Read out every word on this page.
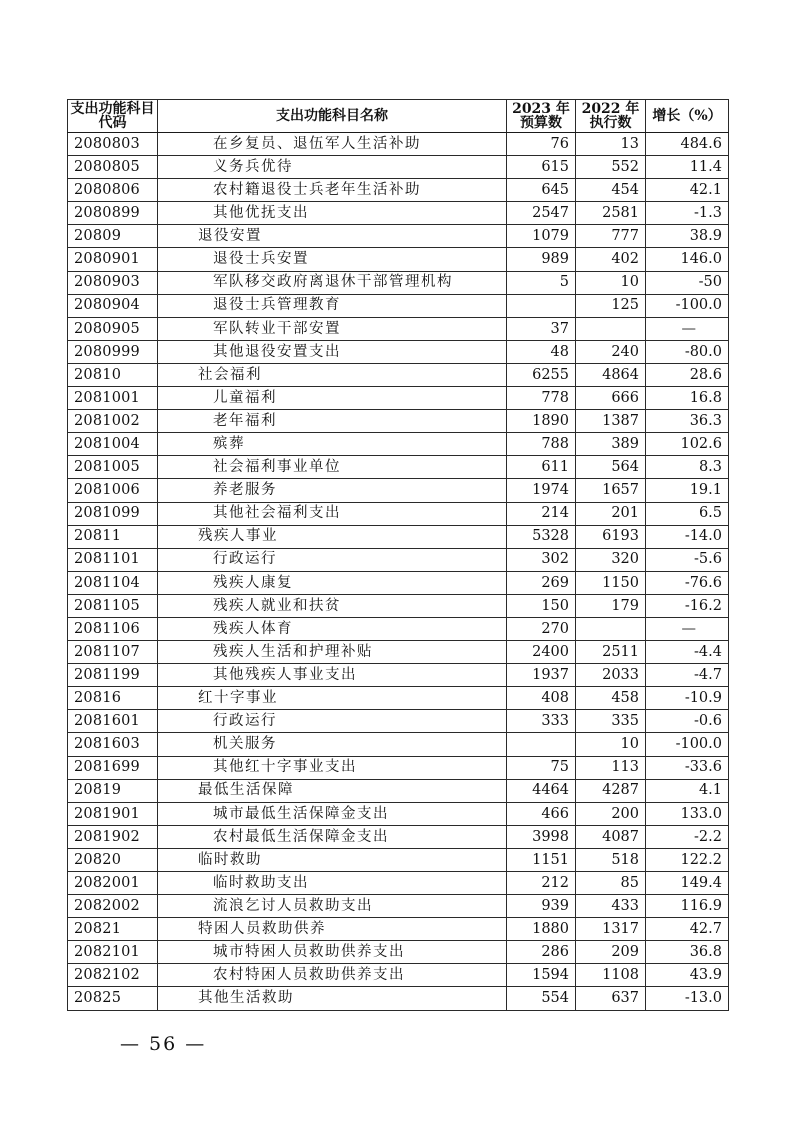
支出功能科目代码	支出功能科目名称	2023 年预算数	2022 年执行数	增长（%）
2080803	在乡复员、退伍军人生活补助	76	13	484.6
2080805	义务兵优待	615	552	11.4
2080806	农村籍退役士兵老年生活补助	645	454	42.1
2080899	其他优抚支出	2547	2581	-1.3
20809	退役安置	1079	777	38.9
2080901	退役士兵安置	989	402	146.0
2080903	军队移交政府离退休干部管理机构	5	10	-50
2080904	退役士兵管理教育		125	-100.0
2080905	军队转业干部安置	37		—
2080999	其他退役安置支出	48	240	-80.0
20810	社会福利	6255	4864	28.6
2081001	儿童福利	778	666	16.8
2081002	老年福利	1890	1387	36.3
2081004	殡葬	788	389	102.6
2081005	社会福利事业单位	611	564	8.3
2081006	养老服务	1974	1657	19.1
2081099	其他社会福利支出	214	201	6.5
20811	残疾人事业	5328	6193	-14.0
2081101	行政运行	302	320	-5.6
2081104	残疾人康复	269	1150	-76.6
2081105	残疾人就业和扶贫	150	179	-16.2
2081106	残疾人体育	270		—
2081107	残疾人生活和护理补贴	2400	2511	-4.4
2081199	其他残疾人事业支出	1937	2033	-4.7
20816	红十字事业	408	458	-10.9
2081601	行政运行	333	335	-0.6
2081603	机关服务		10	-100.0
2081699	其他红十字事业支出	75	113	-33.6
20819	最低生活保障	4464	4287	4.1
2081901	城市最低生活保障金支出	466	200	133.0
2081902	农村最低生活保障金支出	3998	4087	-2.2
20820	临时救助	1151	518	122.2
2082001	临时救助支出	212	85	149.4
2082002	流浪乞讨人员救助支出	939	433	116.9
20821	特困人员救助供养	1880	1317	42.7
2082101	城市特困人员救助供养支出	286	209	36.8
2082102	农村特困人员救助供养支出	1594	1108	43.9
20825	其他生活救助	554	637	-13.0
— 56 —
